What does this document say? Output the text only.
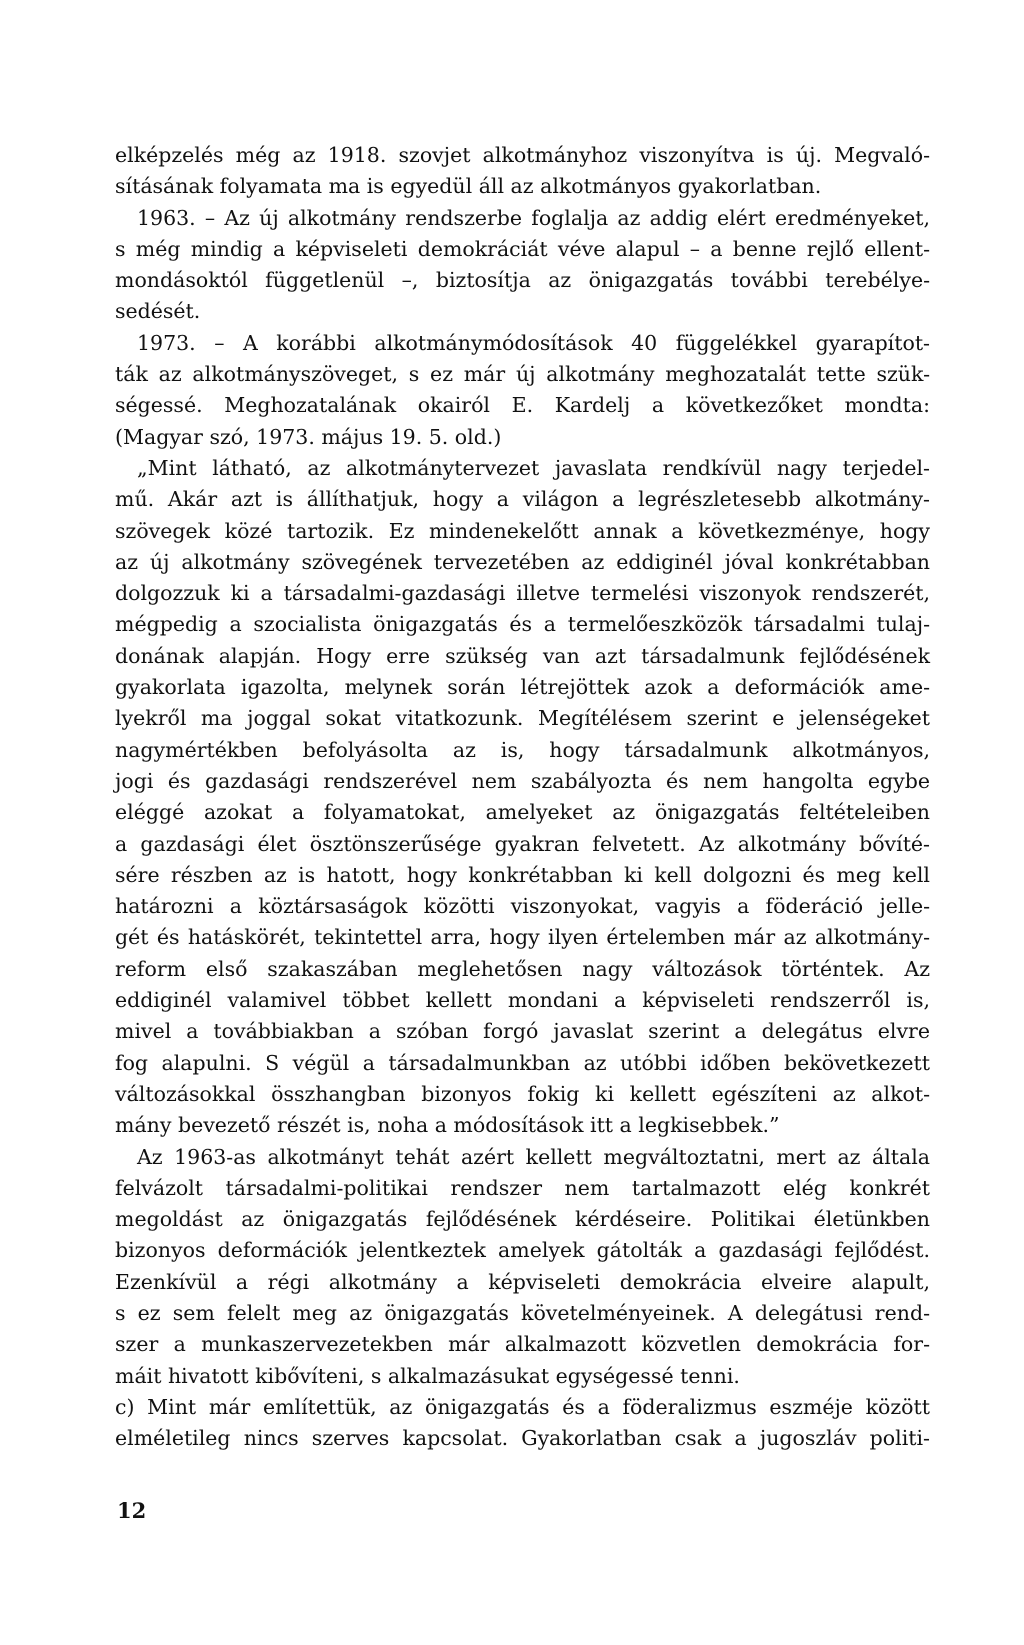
elképzelés még az 1918. szovjet alkotmányhoz viszonyítva is új. Megvaló-
sításának folyamata ma is egyedül áll az alkotmányos gyakorlatban.
1963. – Az új alkotmány rendszerbe foglalja az addig elért eredményeket,
s még mindig a képviseleti demokráciát véve alapul – a benne rejlő ellent-
mondásoktól függetlenül –, biztosítja az önigazgatás további terebélye-
sedését.
1973. – A korábbi alkotmánymódosítások 40 függelékkel gyarapítot-
ták az alkotmányszöveget, s ez már új alkotmány meghozatalát tette szük-
ségessé. Meghozatalának okairól E. Kardelj a következőket mondta:
(Magyar szó, 1973. május 19. 5. old.)
„Mint látható, az alkotmánytervezet javaslata rendkívül nagy terjedel-
mű. Akár azt is állíthatjuk, hogy a világon a legrészletesebb alkotmány-
szövegek közé tartozik. Ez mindenekelőtt annak a következménye, hogy
az új alkotmány szövegének tervezetében az eddiginél jóval konkrétabban
dolgozzuk ki a társadalmi-gazdasági illetve termelési viszonyok rendszerét,
mégpedig a szocialista önigazgatás és a termelőeszközök társadalmi tulaj-
donának alapján. Hogy erre szükség van azt társadalmunk fejlődésének
gyakorlata igazolta, melynek során létrejöttek azok a deformációk ame-
lyekről ma joggal sokat vitatkozunk. Megítélésem szerint e jelenségeket
nagymértékben befolyásolta az is, hogy társadalmunk alkotmányos,
jogi és gazdasági rendszerével nem szabályozta és nem hangolta egybe
eléggé azokat a folyamatokat, amelyeket az önigazgatás feltételeiben
a gazdasági élet ösztönszerűsége gyakran felvetett. Az alkotmány bővíté-
sére részben az is hatott, hogy konkrétabban ki kell dolgozni és meg kell
határozni a köztársaságok közötti viszonyokat, vagyis a föderáció jelle-
gét és hatáskörét, tekintettel arra, hogy ilyen értelemben már az alkotmány-
reform első szakaszában meglehetősen nagy változások történtek. Az
eddiginél valamivel többet kellett mondani a képviseleti rendszerről is,
mivel a továbbiakban a szóban forgó javaslat szerint a delegátus elvre
fog alapulni. S végül a társadalmunkban az utóbbi időben bekövetkezett
változásokkal összhangban bizonyos fokig ki kellett egészíteni az alkot-
mány bevezető részét is, noha a módosítások itt a legkisebbek.”
Az 1963-as alkotmányt tehát azért kellett megváltoztatni, mert az általa
felvázolt társadalmi-politikai rendszer nem tartalmazott elég konkrét
megoldást az önigazgatás fejlődésének kérdéseire. Politikai életünkben
bizonyos deformációk jelentkeztek amelyek gátolták a gazdasági fejlődést.
Ezenkívül a régi alkotmány a képviseleti demokrácia elveire alapult,
s ez sem felelt meg az önigazgatás követelményeinek. A delegátusi rend-
szer a munkaszervezetekben már alkalmazott közvetlen demokrácia for-
máit hivatott kibővíteni, s alkalmazásukat egységessé tenni.
c) Mint már említettük, az önigazgatás és a föderalizmus eszméje között
elméletileg nincs szerves kapcsolat. Gyakorlatban csak a jugoszláv politi-
12
